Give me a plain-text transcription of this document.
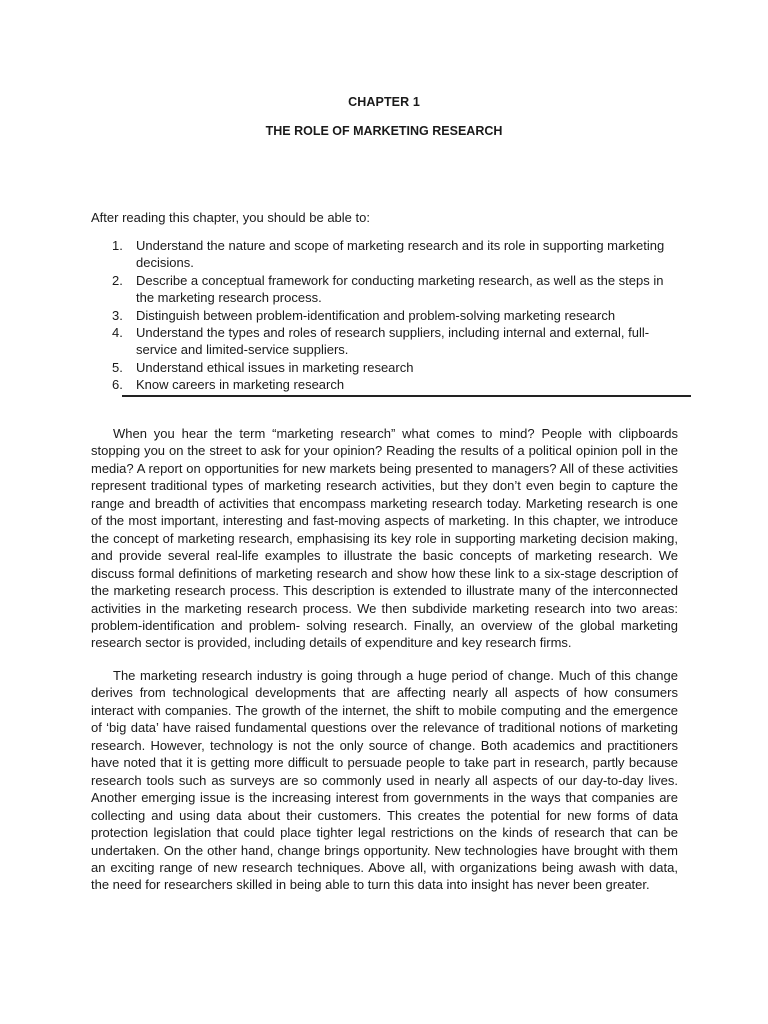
CHAPTER 1
THE ROLE OF MARKETING RESEARCH
After reading this chapter, you should be able to:
1. Understand the nature and scope of marketing research and its role in supporting marketing decisions.
2. Describe a conceptual framework for conducting marketing research, as well as the steps in the marketing research process.
3. Distinguish between problem-identification and problem-solving marketing research
4. Understand the types and roles of research suppliers, including internal and external, full-service and limited-service suppliers.
5. Understand ethical issues in marketing research
6. Know careers in marketing research

When you hear the term “marketing research” what comes to mind? People with clipboards stopping you on the street to ask for your opinion? Reading the results of a political opinion poll in the media? A report on opportunities for new markets being presented to managers? All of these activities represent traditional types of marketing research activities, but they don’t even begin to capture the range and breadth of activities that encompass marketing research today. Marketing research is one of the most important, interesting and fast-moving aspects of marketing. In this chapter, we introduce the concept of marketing research, emphasising its key role in supporting marketing decision making, and provide several real-life examples to illustrate the basic concepts of marketing research. We discuss formal definitions of marketing research and show how these link to a six-stage description of the marketing research process. This description is extended to illustrate many of the interconnected activities in the marketing research process. We then subdivide marketing research into two areas: problem-identification and problem- solving research. Finally, an overview of the global marketing research sector is provided, including details of expenditure and key research firms.

The marketing research industry is going through a huge period of change. Much of this change derives from technological developments that are affecting nearly all aspects of how consumers interact with companies. The growth of the internet, the shift to mobile computing and the emergence of ‘big data’ have raised fundamental questions over the relevance of traditional notions of marketing research. However, technology is not the only source of change. Both academics and practitioners have noted that it is getting more difficult to persuade people to take part in research, partly because research tools such as surveys are so commonly used in nearly all aspects of our day-to-day lives. Another emerging issue is the increasing interest from governments in the ways that companies are collecting and using data about their customers. This creates the potential for new forms of data protection legislation that could place tighter legal restrictions on the kinds of research that can be undertaken. On the other hand, change brings opportunity. New technologies have brought with them an exciting range of new research techniques. Above all, with organizations being awash with data, the need for researchers skilled in being able to turn this data into insight has never been greater.
